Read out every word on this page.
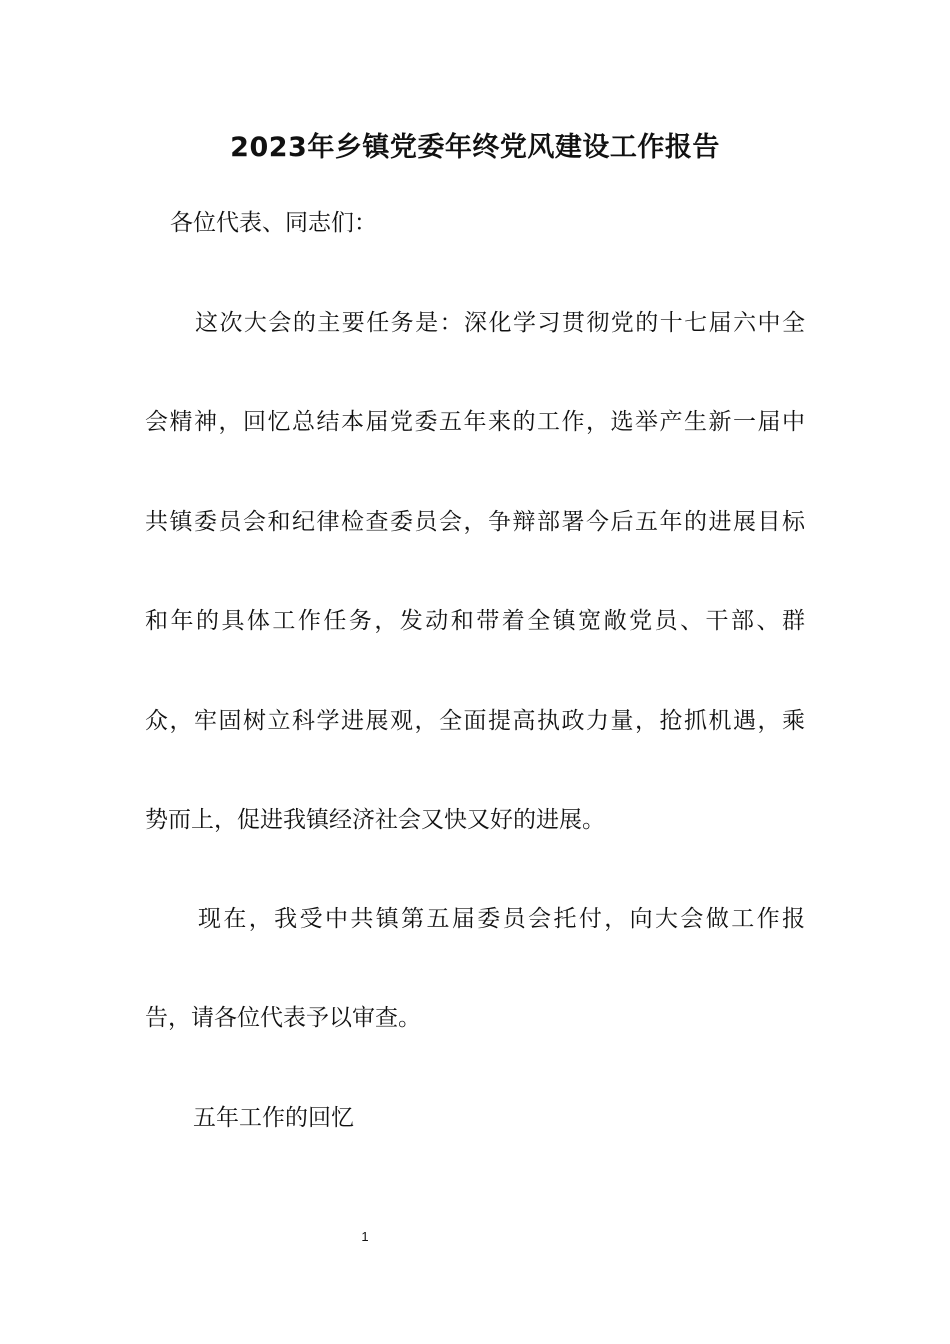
2023年乡镇党委年终党风建设工作报告
各位代表、同志们：
这次大会的主要任务是：深化学习贯彻党的十七届六中全
会精神，回忆总结本届党委五年来的工作，选举产生新一届中
共镇委员会和纪律检查委员会，争辩部署今后五年的进展目标
和年的具体工作任务，发动和带着全镇宽敞党员、干部、群
众，牢固树立科学进展观，全面提高执政力量，抢抓机遇，乘
势而上，促进我镇经济社会又快又好的进展。
现在，我受中共镇第五届委员会托付，向大会做工作报
告，请各位代表予以审查。
五年工作的回忆
1
